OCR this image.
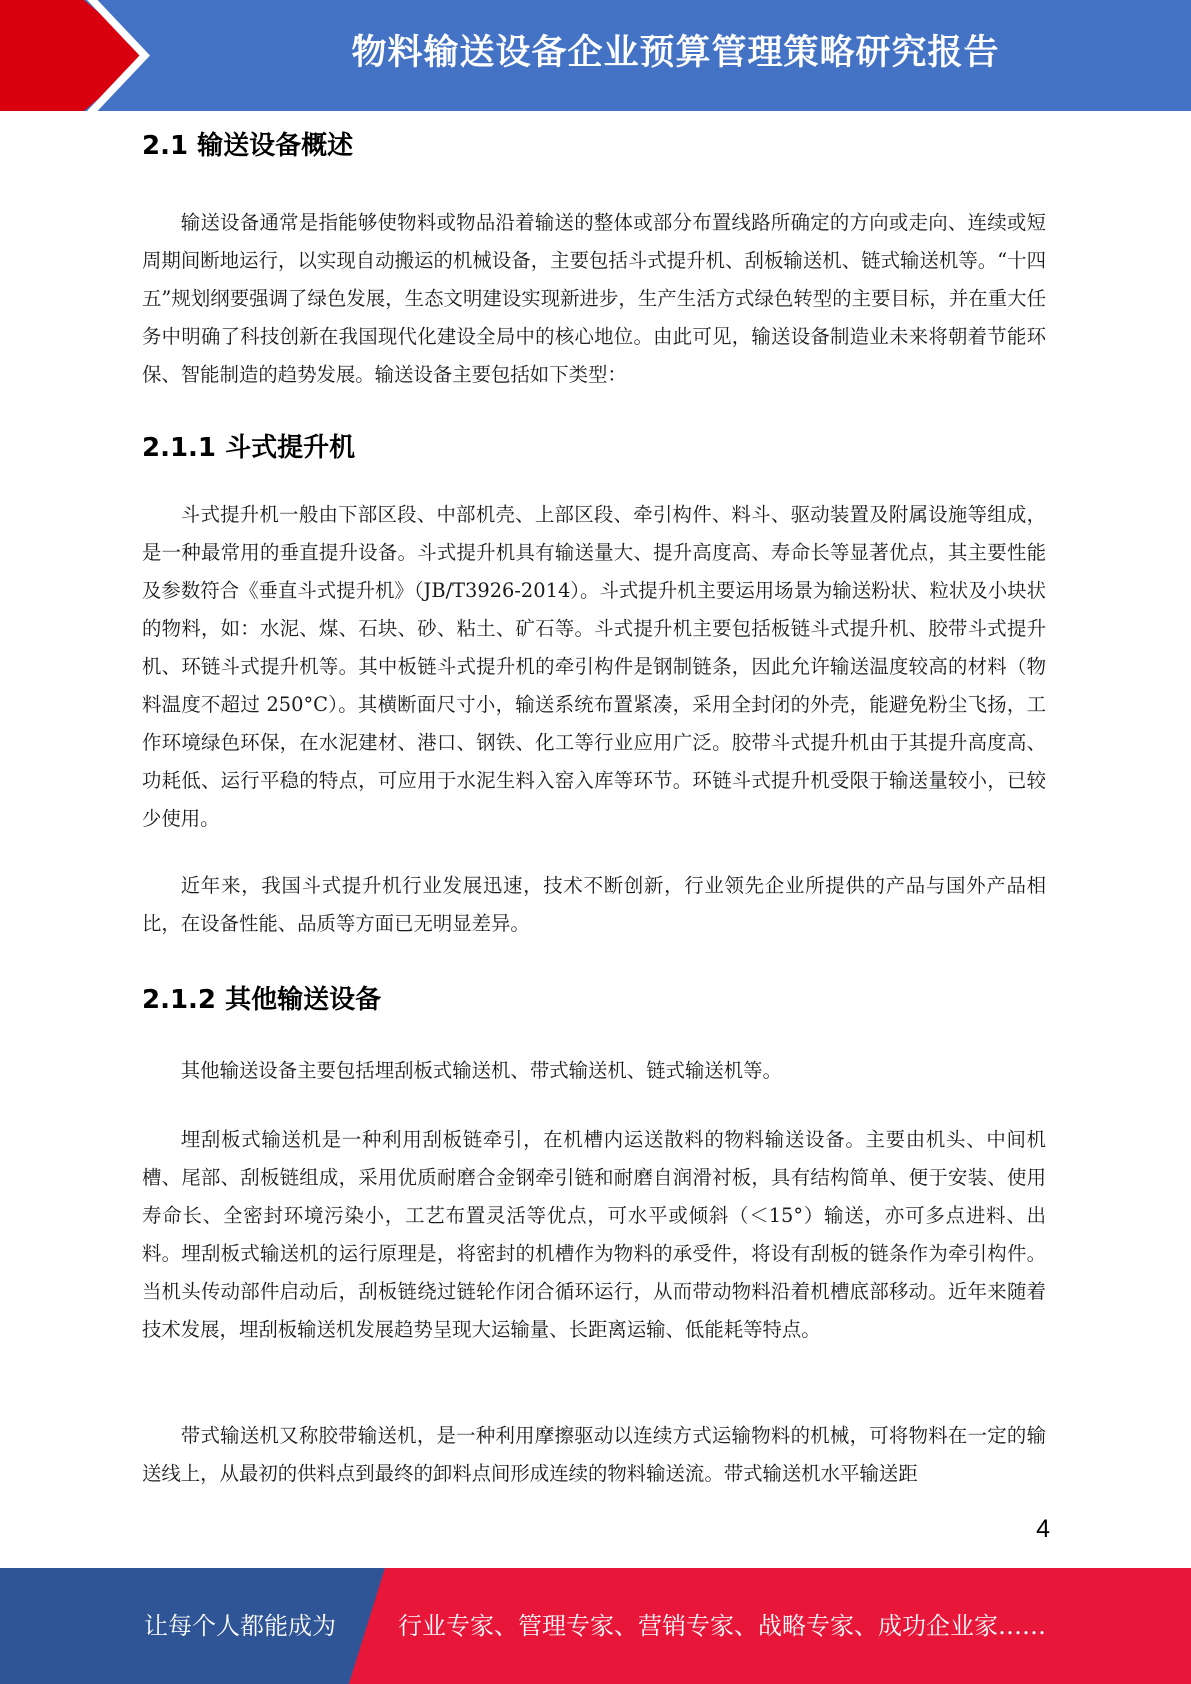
物料输送设备企业预算管理策略研究报告
2.1 输送设备概述

输送设备通常是指能够使物料或物品沿着输送的整体或部分布置线路所确定的方向或走向、连续或短周期间断地运行，以实现自动搬运的机械设备，主要包括斗式提升机、刮板输送机、链式输送机等。“十四五”规划纲要强调了绿色发展，生态文明建设实现新进步，生产生活方式绿色转型的主要目标，并在重大任务中明确了科技创新在我国现代化建设全局中的核心地位。由此可见，输送设备制造业未来将朝着节能环保、智能制造的趋势发展。输送设备主要包括如下类型：

2.1.1 斗式提升机

斗式提升机一般由下部区段、中部机壳、上部区段、牵引构件、料斗、驱动装置及附属设施等组成，是一种最常用的垂直提升设备。斗式提升机具有输送量大、提升高度高、寿命长等显著优点，其主要性能及参数符合《垂直斗式提升机》（JB/T3926-2014）。斗式提升机主要运用场景为输送粉状、粒状及小块状的物料，如：水泥、煤、石块、砂、粘土、矿石等。斗式提升机主要包括板链斗式提升机、胶带斗式提升机、环链斗式提升机等。其中板链斗式提升机的牵引构件是钢制链条，因此允许输送温度较高的材料（物料温度不超过 250°C）。其横断面尺寸小，输送系统布置紧凑，采用全封闭的外壳，能避免粉尘飞扬，工作环境绿色环保，在水泥建材、港口、钢铁、化工等行业应用广泛。胶带斗式提升机由于其提升高度高、功耗低、运行平稳的特点，可应用于水泥生料入窑入库等环节。环链斗式提升机受限于输送量较小，已较少使用。

近年来，我国斗式提升机行业发展迅速，技术不断创新，行业领先企业所提供的产品与国外产品相比，在设备性能、品质等方面已无明显差异。

2.1.2 其他输送设备

其他输送设备主要包括埋刮板式输送机、带式输送机、链式输送机等。

埋刮板式输送机是一种利用刮板链牵引，在机槽内运送散料的物料输送设备。主要由机头、中间机槽、尾部、刮板链组成，采用优质耐磨合金钢牵引链和耐磨自润滑衬板，具有结构简单、便于安装、使用寿命长、全密封环境污染小，工艺布置灵活等优点，可水平或倾斜（＜15°）输送，亦可多点进料、出料。埋刮板式输送机的运行原理是，将密封的机槽作为物料的承受件，将设有刮板的链条作为牵引构件。当机头传动部件启动后，刮板链绕过链轮作闭合循环运行，从而带动物料沿着机槽底部移动。近年来随着技术发展，埋刮板输送机发展趋势呈现大运输量、长距离运输、低能耗等特点。

带式输送机又称胶带输送机，是一种利用摩擦驱动以连续方式运输物料的机械，可将物料在一定的输送线上，从最初的供料点到最终的卸料点间形成连续的物料输送流。带式输送机水平输送距

4
让每个人都能成为	行业专家、管理专家、营销专家、战略专家、成功企业家……
